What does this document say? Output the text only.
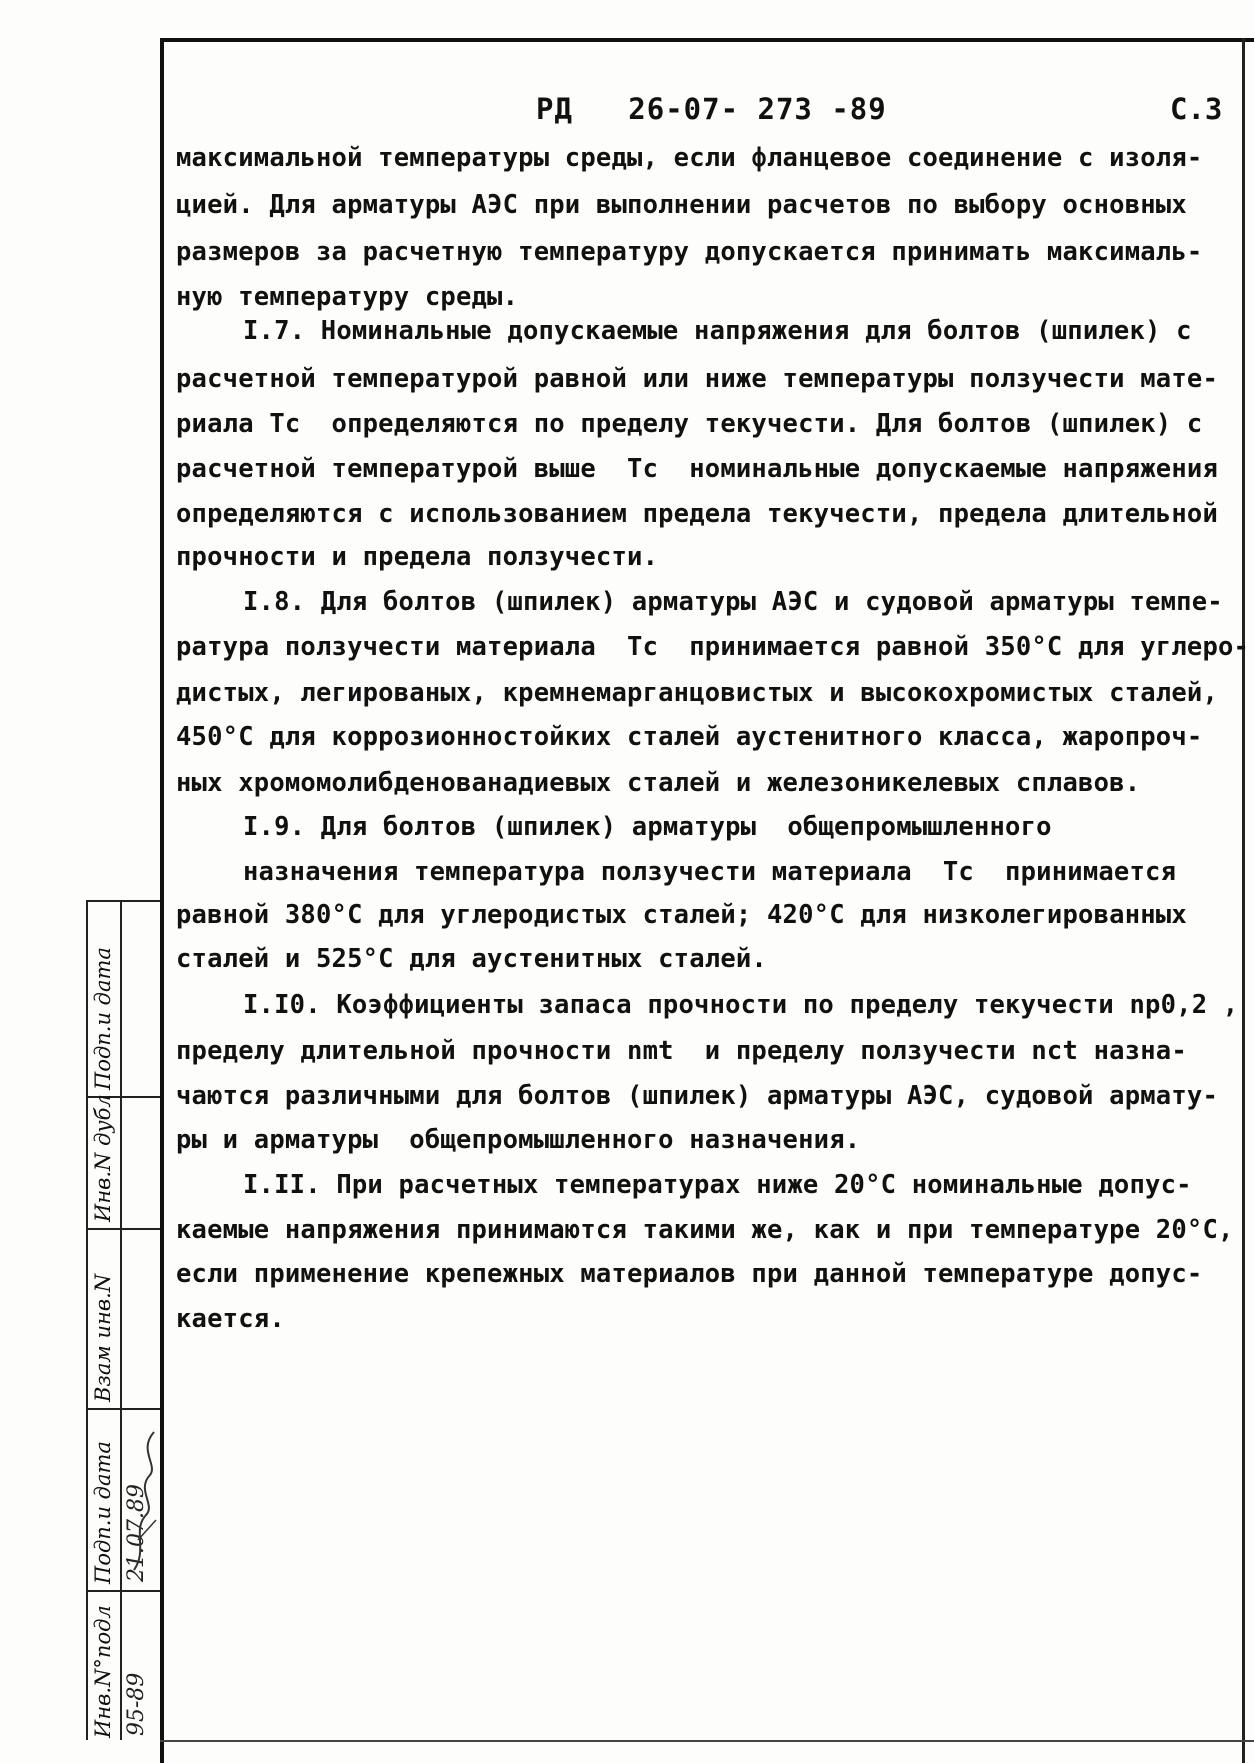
РД   26-07- 273 -89	С.3
максимальной температуры среды, если фланцевое соединение с изоля-
цией. Для арматуры АЭС при выполнении расчетов по выбору основных
размеров за расчетную температуру допускается принимать максималь-
ную температуру среды.
I.7. Номинальные допускаемые напряжения для болтов (шпилек) с
расчетной температурой равной или ниже температуры ползучести мате-
риала Tc  определяются по пределу текучести. Для болтов (шпилек) с
расчетной температурой выше  Tc  номинальные допускаемые напряжения
определяются с использованием предела текучести, предела длительной
прочности и предела ползучести.
I.8. Для болтов (шпилек) арматуры АЭС и судовой арматуры темпе-
ратура ползучести материала  Tc  принимается равной 350°С для углеро-
дистых, легированых, кремнемарганцовистых и высокохромистых сталей,
450°С для коррозионностойких сталей аустенитного класса, жаропроч-
ных хромомолибденованадиевых сталей и железоникелевых сплавов.
I.9. Для болтов (шпилек) арматуры  общепромышленного
назначения температура ползучести материала  Tc  принимается
равной 380°С для углеродистых сталей; 420°С для низколегированных
сталей и 525°С для аустенитных сталей.
I.I0. Коэффициенты запаса прочности по пределу текучести nр0,2 ,
пределу длительной прочности nmt  и пределу ползучести nct назна-
чаются различными для болтов (шпилек) арматуры АЭС, судовой армату-
ры и арматуры  общепромышленного назначения.
I.II. При расчетных температурах ниже 20°С номинальные допус-
каемые напряжения принимаются такими же, как и при температуре 20°С,
если применение крепежных материалов при данной температуре допус-
кается.
Подп.и дата
Инв.N дубл
Взам инв.N
Подп.и дата
Инв.N°подл
21.07.89
95-89
